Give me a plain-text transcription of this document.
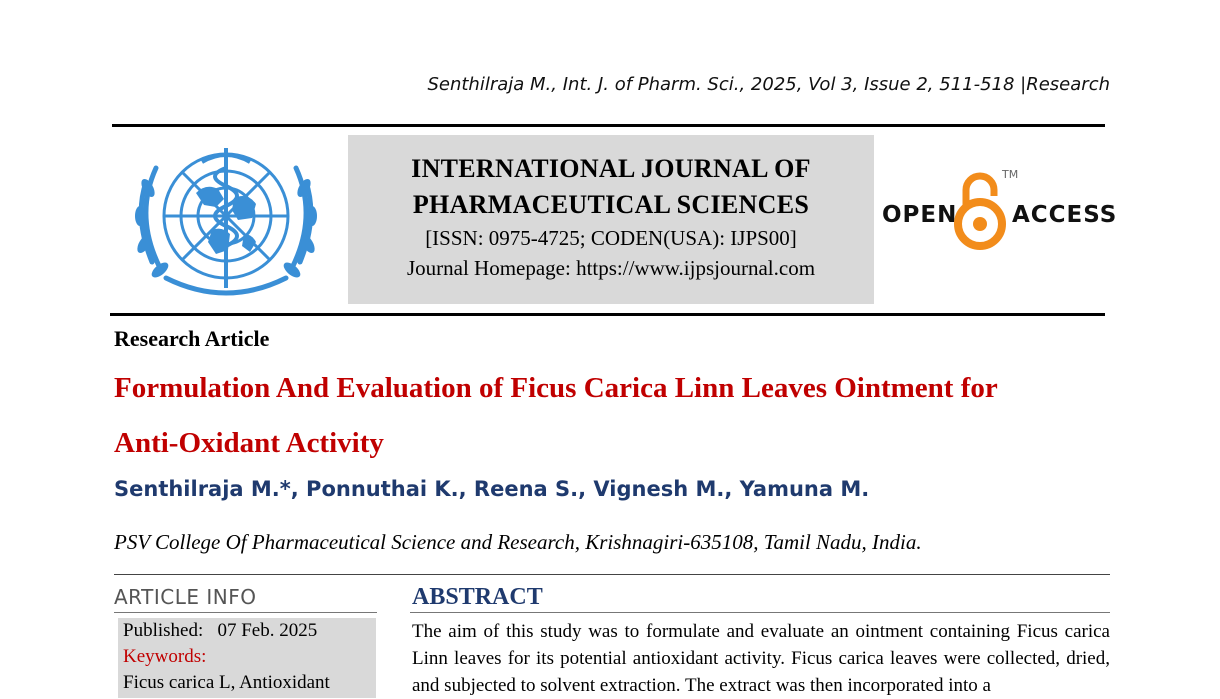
Senthilraja M., Int. J. of Pharm. Sci., 2025, Vol 3, Issue 2, 511-518 |Research
INTERNATIONAL JOURNAL OF
PHARMACEUTICAL SCIENCES
[ISSN: 0975-4725; CODEN(USA): IJPS00]
Journal Homepage: https://www.ijpsjournal.com
OPEN
TM
ACCESS
Research Article
Formulation And Evaluation of Ficus Carica Linn Leaves Ointment for
Anti-Oxidant Activity
Senthilraja M.*, Ponnuthai K., Reena S., Vignesh M., Yamuna M.
PSV College Of Pharmaceutical Science and Research, Krishnagiri-635108, Tamil Nadu, India.
ARTICLE INFO
Published: 07 Feb. 2025
Keywords:
Ficus carica L, Antioxidant
ABSTRACT
The aim of this study was to formulate and evaluate an ointment containing Ficus carica Linn leaves for its potential antioxidant activity. Ficus carica leaves were collected, dried, and subjected to solvent extraction. The extract was then incorporated into a
